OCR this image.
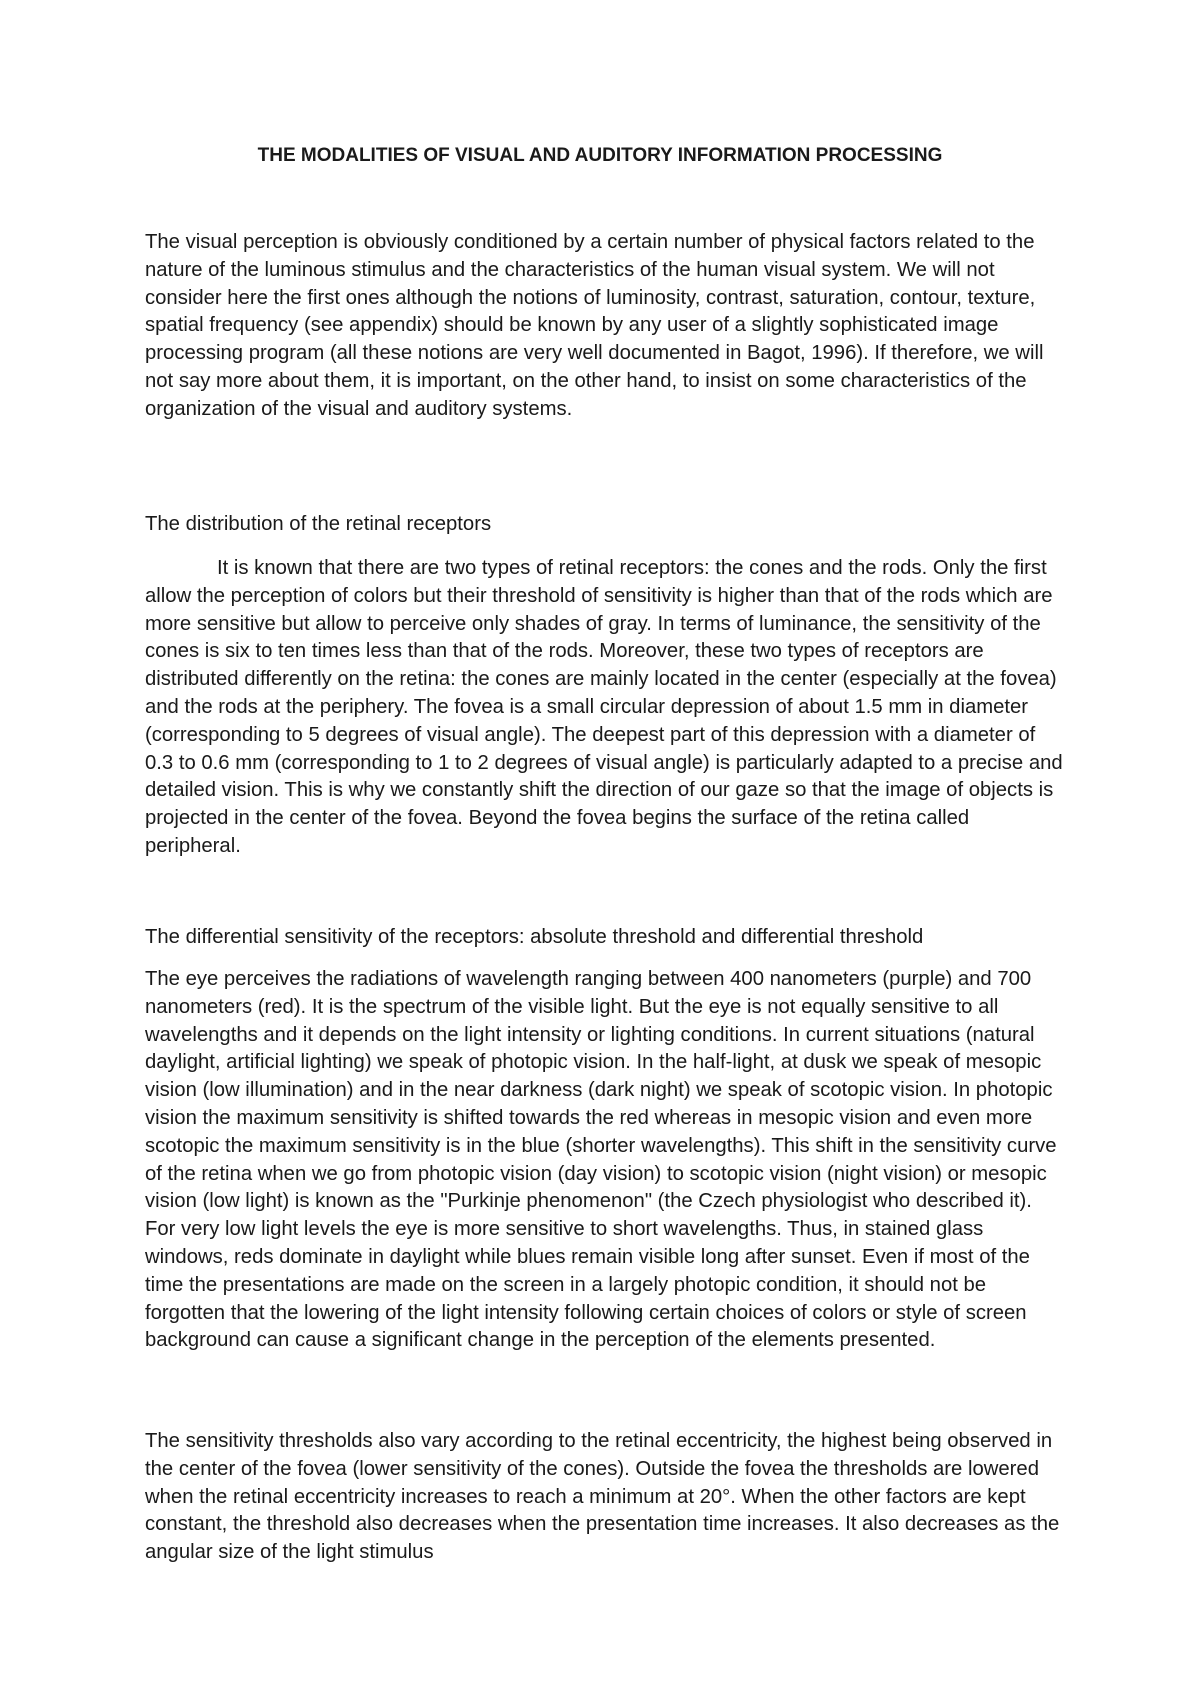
THE MODALITIES OF VISUAL AND AUDITORY INFORMATION PROCESSING

The visual perception is obviously conditioned by a certain number of physical factors related to the nature of the luminous stimulus and the characteristics of the human visual system. We will not consider here the first ones although the notions of luminosity, contrast, saturation, contour, texture, spatial frequency (see appendix) should be known by any user of a slightly sophisticated image processing program (all these notions are very well documented in Bagot, 1996). If therefore, we will not say more about them, it is important, on the other hand, to insist on some characteristics of the organization of the visual and auditory systems.

The distribution of the retinal receptors

It is known that there are two types of retinal receptors: the cones and the rods. Only the first allow the perception of colors but their threshold of sensitivity is higher than that of the rods which are more sensitive but allow to perceive only shades of gray. In terms of luminance, the sensitivity of the cones is six to ten times less than that of the rods. Moreover, these two types of receptors are distributed differently on the retina: the cones are mainly located in the center (especially at the fovea) and the rods at the periphery. The fovea is a small circular depression of about 1.5 mm in diameter (corresponding to 5 degrees of visual angle). The deepest part of this depression with a diameter of 0.3 to 0.6 mm (corresponding to 1 to 2 degrees of visual angle) is particularly adapted to a precise and detailed vision. This is why we constantly shift the direction of our gaze so that the image of objects is projected in the center of the fovea. Beyond the fovea begins the surface of the retina called peripheral.

The differential sensitivity of the receptors: absolute threshold and differential threshold

The eye perceives the radiations of wavelength ranging between 400 nanometers (purple) and 700 nanometers (red). It is the spectrum of the visible light. But the eye is not equally sensitive to all wavelengths and it depends on the light intensity or lighting conditions. In current situations (natural daylight, artificial lighting) we speak of photopic vision. In the half-light, at dusk we speak of mesopic vision (low illumination) and in the near darkness (dark night) we speak of scotopic vision. In photopic vision the maximum sensitivity is shifted towards the red whereas in mesopic vision and even more scotopic the maximum sensitivity is in the blue (shorter wavelengths). This shift in the sensitivity curve of the retina when we go from photopic vision (day vision) to scotopic vision (night vision) or mesopic vision (low light) is known as the "Purkinje phenomenon" (the Czech physiologist who described it). For very low light levels the eye is more sensitive to short wavelengths. Thus, in stained glass windows, reds dominate in daylight while blues remain visible long after sunset. Even if most of the time the presentations are made on the screen in a largely photopic condition, it should not be forgotten that the lowering of the light intensity following certain choices of colors or style of screen background can cause a significant change in the perception of the elements presented.

The sensitivity thresholds also vary according to the retinal eccentricity, the highest being observed in the center of the fovea (lower sensitivity of the cones). Outside the fovea the thresholds are lowered when the retinal eccentricity increases to reach a minimum at 20°. When the other factors are kept constant, the threshold also decreases when the presentation time increases. It also decreases as the angular size of the light stimulus
